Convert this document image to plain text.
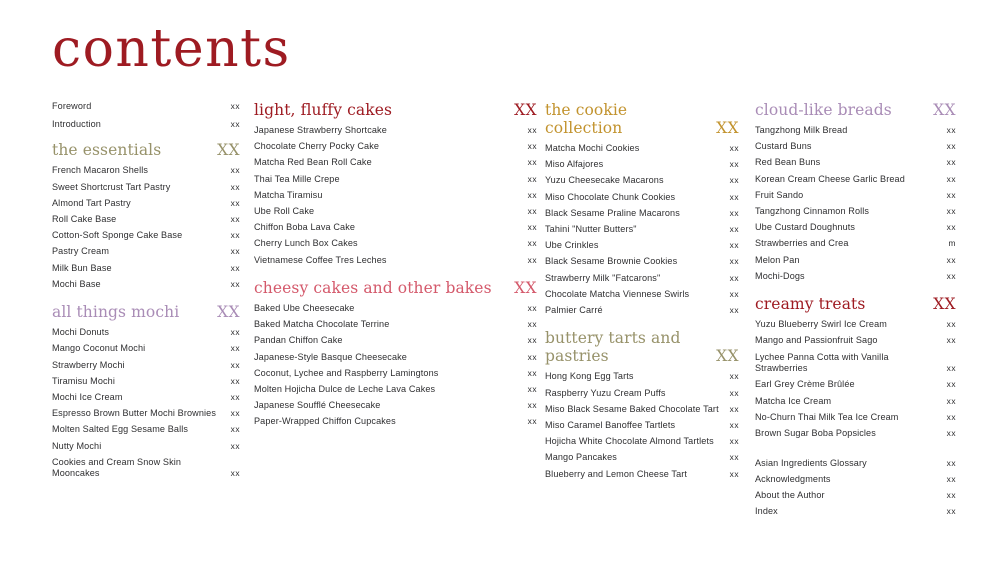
contents
Foreword	xx
Introduction	xx
the essentials	XX
French Macaron Shells	xx
Sweet Shortcrust Tart Pastry	xx
Almond Tart Pastry	xx
Roll Cake Base	xx
Cotton-Soft Sponge Cake Base	xx
Pastry Cream	xx
Milk Bun Base	xx
Mochi Base	xx
all things mochi	XX
Mochi Donuts	xx
Mango Coconut Mochi	xx
Strawberry Mochi	xx
Tiramisu Mochi	xx
Mochi Ice Cream	xx
Espresso Brown Butter Mochi Brownies	xx
Molten Salted Egg Sesame Balls	xx
Nutty Mochi	xx
Cookies and Cream Snow Skin Mooncakes	xx
light, fluffy cakes	XX
Japanese Strawberry Shortcake	xx
Chocolate Cherry Pocky Cake	xx
Matcha Red Bean Roll Cake	xx
Thai Tea Mille Crepe	xx
Matcha Tiramisu	xx
Ube Roll Cake	xx
Chiffon Boba Lava Cake	xx
Cherry Lunch Box Cakes	xx
Vietnamese Coffee Tres Leches	xx
cheesy cakes and other bakes	XX
Baked Ube Cheesecake	xx
Baked Matcha Chocolate Terrine	xx
Pandan Chiffon Cake	xx
Japanese-Style Basque Cheesecake	xx
Coconut, Lychee and Raspberry Lamingtons	xx
Molten Hojicha Dulce de Leche Lava Cakes	xx
Japanese Soufflé Cheesecake	xx
Paper-Wrapped Chiffon Cupcakes	xx
the cookie collection	XX
Matcha Mochi Cookies	xx
Miso Alfajores	xx
Yuzu Cheesecake Macarons	xx
Miso Chocolate Chunk Cookies	xx
Black Sesame Praline Macarons	xx
Tahini "Nutter Butters"	xx
Ube Crinkles	xx
Black Sesame Brownie Cookies	xx
Strawberry Milk "Fatcarons"	xx
Chocolate Matcha Viennese Swirls	xx
Palmier Carré	xx
buttery tarts and pastries	XX
Hong Kong Egg Tarts	xx
Raspberry Yuzu Cream Puffs	xx
Miso Black Sesame Baked Chocolate Tart	xx
Miso Caramel Banoffee Tartlets	xx
Hojicha White Chocolate Almond Tartlets	xx
Mango Pancakes	xx
Blueberry and Lemon Cheese Tart	xx
cloud-like breads	XX
Tangzhong Milk Bread	xx
Custard Buns	xx
Red Bean Buns	xx
Korean Cream Cheese Garlic Bread	xx
Fruit Sando	xx
Tangzhong Cinnamon Rolls	xx
Ube Custard Doughnuts	xx
Strawberries and Crea	m
Melon Pan	xx
Mochi-Dogs	xx
creamy treats	XX
Yuzu Blueberry Swirl Ice Cream	xx
Mango and Passionfruit Sago	xx
Lychee Panna Cotta with Vanilla Strawberries	xx
Earl Grey Crème Brûlée	xx
Matcha Ice Cream	xx
No-Churn Thai Milk Tea Ice Cream	xx
Brown Sugar Boba Popsicles	xx
Asian Ingredients Glossary	xx
Acknowledgments	xx
About the Author	xx
Index	xx
